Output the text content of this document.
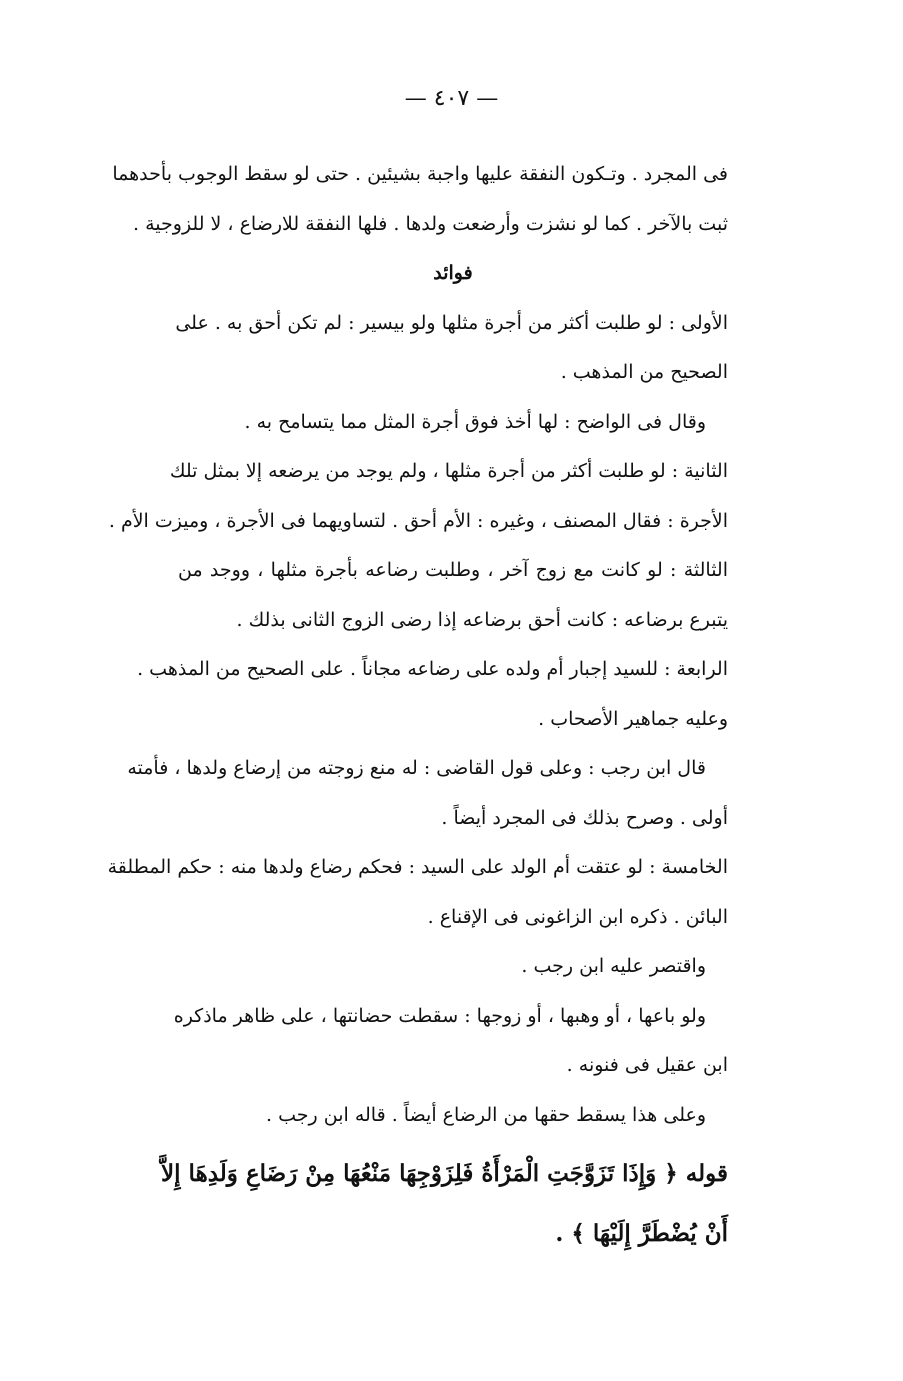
— ٤٠٧ —
فى المجرد . وتـكون النفقة عليها واجبة بشيئين . حتى لو سقط الوجوب بأحدهما
ثبت بالآخر . كما لو نشزت وأرضعت ولدها . فلها النفقة للارضاع ، لا للزوجية .
فوائد
الأولى : لو طلبت أكثر من أجرة مثلها ولو بيسير : لم تكن أحق به . على
الصحيح من المذهب .
وقال فى الواضح : لها أخذ فوق أجرة المثل مما يتسامح به .
الثانية : لو طلبت أكثر من أجرة مثلها ، ولم يوجد من يرضعه إلا بمثل تلك
الأجرة : فقال المصنف ، وغيره : الأم أحق . لتساويهما فى الأجرة ، وميزت الأم .
الثالثة : لو كانت مع زوج آخر ، وطلبت رضاعه بأجرة مثلها ، ووجد من
يتبرع برضاعه : كانت أحق برضاعه إذا رضى الزوج الثانى بذلك .
الرابعة : للسيد إجبار أم ولده على رضاعه مجاناً . على الصحيح من المذهب .
وعليه جماهير الأصحاب .
قال ابن رجب : وعلى قول القاضى : له منع زوجته من إرضاع ولدها ، فأمته
أولى . وصرح بذلك فى المجرد أيضاً .
الخامسة : لو عتقت أم الولد على السيد : فحكم رضاع ولدها منه : حكم المطلقة
البائن . ذكره ابن الزاغونى فى الإقناع .
واقتصر عليه ابن رجب .
ولو باعها ، أو وهبها ، أو زوجها : سقطت حضانتها ، على ظاهر ماذكره
ابن عقيل فى فنونه .
وعلى هذا يسقط حقها من الرضاع أيضاً . قاله ابن رجب .
قوله ﴿ وَإِذَا تَزَوَّجَتِ الْمَرْأَةُ فَلِزَوْجِهَا مَنْعُهَا مِنْ رَضَاعِ وَلَدِهَا إِلاَّ
أَنْ يُضْطَرَّ إِلَيْهَا ﴾ .
